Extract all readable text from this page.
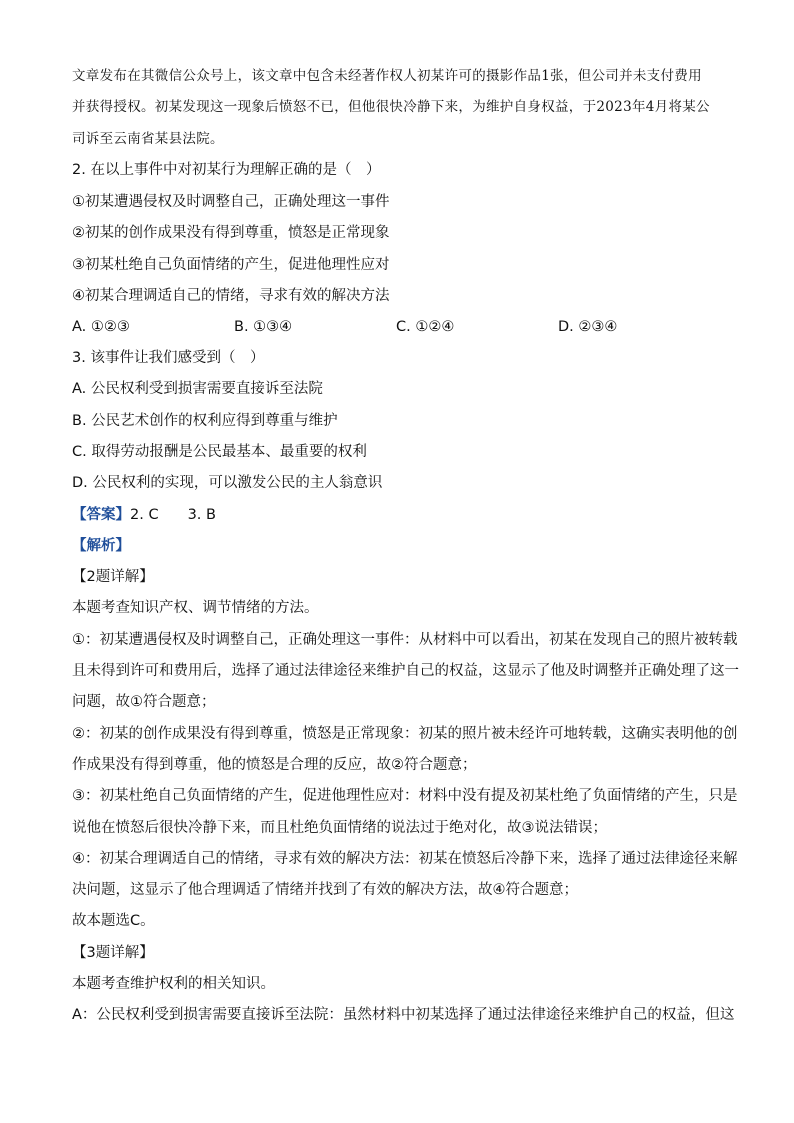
文章发布在其微信公众号上，该文章中包含未经著作权人初某许可的摄影作品1张，但公司并未支付费用
并获得授权。初某发现这一现象后愤怒不已，但他很快冷静下来，为维护自身权益，于2023年4月将某公
司诉至云南省某县法院。
2. 在以上事件中对初某行为理解正确的是（　）
①初某遭遇侵权及时调整自己，正确处理这一事件
②初某的创作成果没有得到尊重，愤怒是正常现象
③初某杜绝自己负面情绪的产生，促进他理性应对
④初某合理调适自己的情绪，寻求有效的解决方法
A. ①②③	B. ①③④	C. ①②④	D. ②③④
3. 该事件让我们感受到（　）
A. 公民权利受到损害需要直接诉至法院
B. 公民艺术创作的权利应得到尊重与维护
C. 取得劳动报酬是公民最基本、最重要的权利
D. 公民权利的实现，可以激发公民的主人翁意识
【答案】2. C　　3. B
【解析】
【2题详解】
本题考查知识产权、调节情绪的方法。
①：初某遭遇侵权及时调整自己，正确处理这一事件：从材料中可以看出，初某在发现自己的照片被转载
且未得到许可和费用后，选择了通过法律途径来维护自己的权益，这显示了他及时调整并正确处理了这一
问题，故①符合题意；
②：初某的创作成果没有得到尊重，愤怒是正常现象：初某的照片被未经许可地转载，这确实表明他的创
作成果没有得到尊重，他的愤怒是合理的反应，故②符合题意；
③：初某杜绝自己负面情绪的产生，促进他理性应对：材料中没有提及初某杜绝了负面情绪的产生，只是
说他在愤怒后很快冷静下来，而且杜绝负面情绪的说法过于绝对化，故③说法错误；
④：初某合理调适自己的情绪，寻求有效的解决方法：初某在愤怒后冷静下来，选择了通过法律途径来解
决问题，这显示了他合理调适了情绪并找到了有效的解决方法，故④符合题意；
故本题选C。
【3题详解】
本题考查维护权利的相关知识。
A：公民权利受到损害需要直接诉至法院：虽然材料中初某选择了通过法律途径来维护自己的权益，但这
